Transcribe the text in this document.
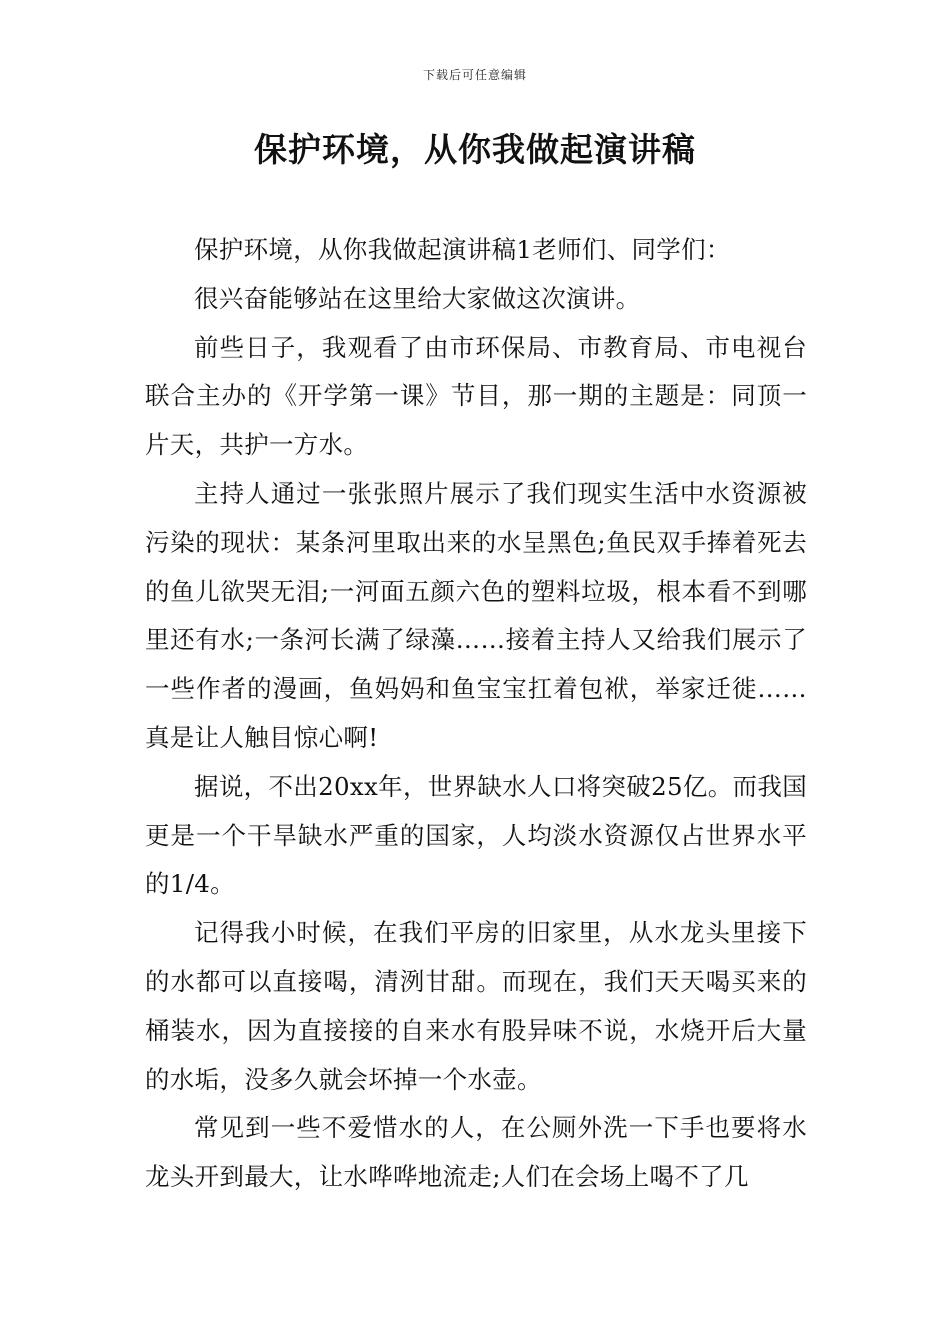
下载后可任意编辑
保护环境，从你我做起演讲稿

保护环境，从你我做起演讲稿1老师们、同学们：

很兴奋能够站在这里给大家做这次演讲。

前些日子，我观看了由市环保局、市教育局、市电视台联合主办的《开学第一课》节目，那一期的主题是：同顶一片天，共护一方水。

主持人通过一张张照片展示了我们现实生活中水资源被污染的现状：某条河里取出来的水呈黑色;鱼民双手捧着死去的鱼儿欲哭无泪;一河面五颜六色的塑料垃圾，根本看不到哪里还有水;一条河长满了绿藻……接着主持人又给我们展示了一些作者的漫画，鱼妈妈和鱼宝宝扛着包袱，举家迁徙……真是让人触目惊心啊!

据说，不出20xx年，世界缺水人口将突破25亿。而我国更是一个干旱缺水严重的国家，人均淡水资源仅占世界水平的1/4。

记得我小时候，在我们平房的旧家里，从水龙头里接下的水都可以直接喝，清洌甘甜。而现在，我们天天喝买来的桶装水，因为直接接的自来水有股异味不说，水烧开后大量的水垢，没多久就会坏掉一个水壶。

常见到一些不爱惜水的人，在公厕外洗一下手也要将水龙头开到最大，让水哗哗地流走;人们在会场上喝不了几
